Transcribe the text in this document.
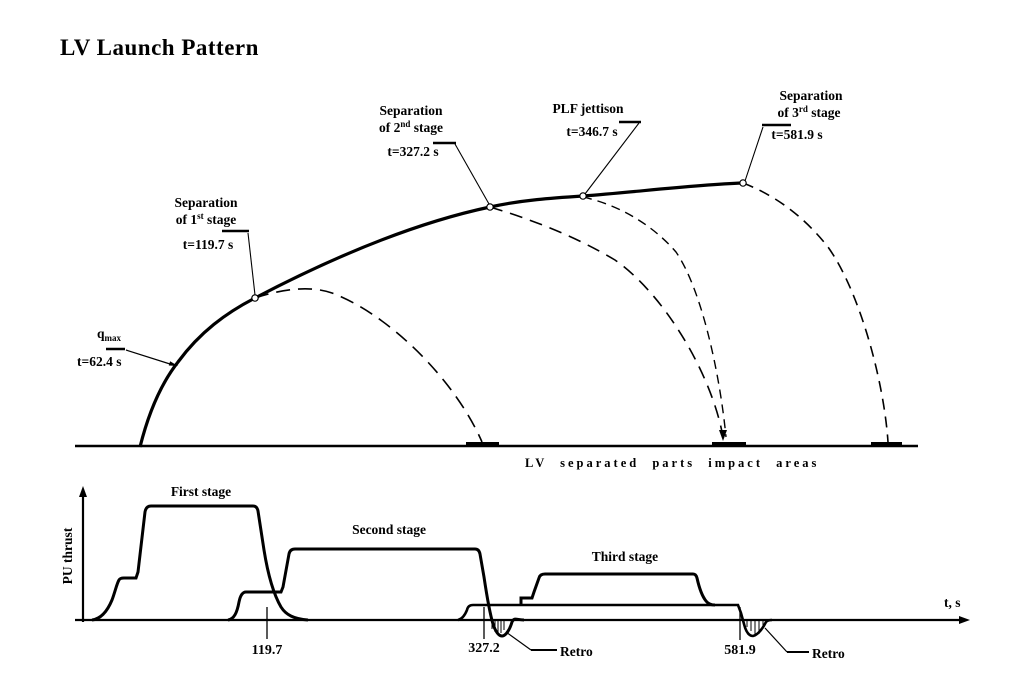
LV Launch Pattern
$q_{max}$
t=62.4 s
Separation
of 1st stage
t=119.7 s
Separation
of 2nd stage
t=327.2 s
PLF jettison
t=346.7 s
Separation
of 3rd stage
t=581.9 s
LV separated parts impact areas
PU thrust
t, s
119.7	327.2	581.9
First stage
Second stage
Third stage
Retro	Retro
